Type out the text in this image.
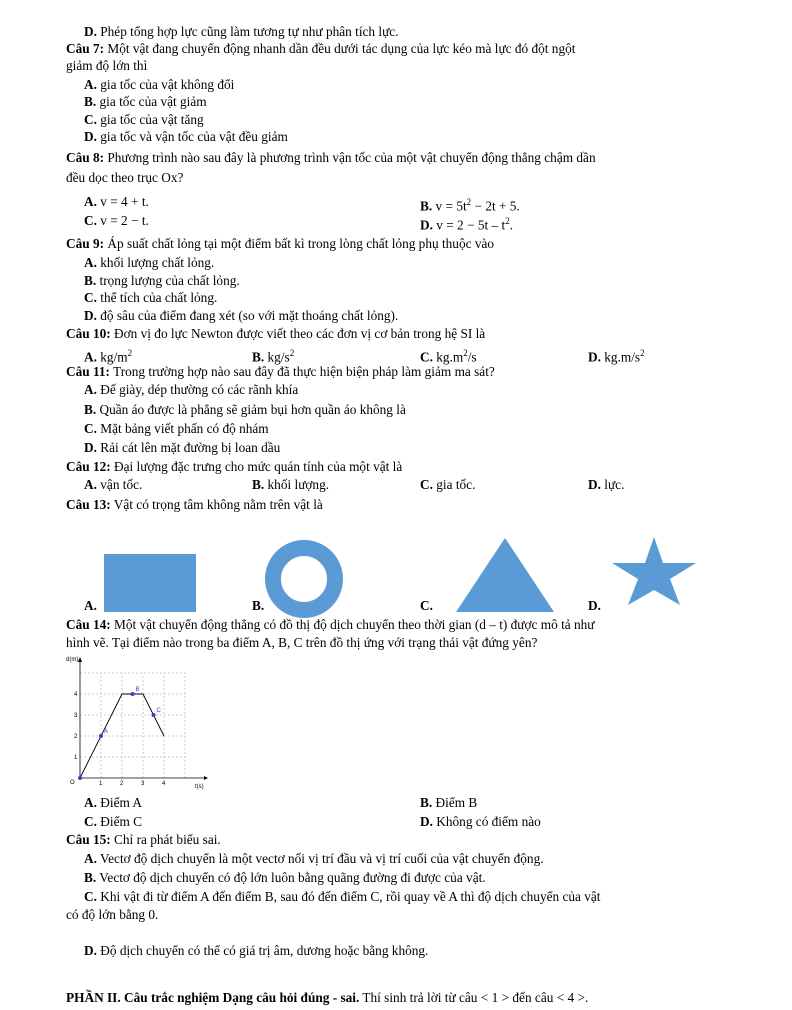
D. Phép tổng hợp lực cũng làm tương tự như phân tích lực.
Câu 7: Một vật đang chuyển động nhanh dần đều dưới tác dụng của lực kéo mà lực đó đột ngột
giảm độ lớn thì
A. gia tốc của vật không đổi
B. gia tốc của vật giảm
C. gia tốc của vật tăng
D. gia tốc và vận tốc của vật đều giảm
Câu 8: Phương trình nào sau đây là phương trình vận tốc của một vật chuyển động thẳng chậm dần
đều dọc theo trục Ox?
A. v = 4 + t.	B. $v = 5t^2 - 2t + 5$.
C. v = 2 − t.	D. $v = 2 - 5t - t^2$.
Câu 9: Áp suất chất lỏng tại một điểm bất kì trong lòng chất lỏng phụ thuộc vào
A. khối lượng chất lỏng.
B. trọng lượng của chất lỏng.
C. thể tích của chất lỏng.
D. độ sâu của điểm đang xét (so với mặt thoáng chất lỏng).
Câu 10: Đơn vị đo lực Newton được viết theo các đơn vị cơ bản trong hệ SI là
A. $kg/m^2$	B. $kg/s^2$	C. $kg.m^2/s$	D. $kg.m/s^2$
Câu 11: Trong trường hợp nào sau đây đã thực hiện biện pháp làm giảm ma sát?
A. Đế giày, dép thường có các rãnh khía
B. Quần áo được là phẳng sẽ giảm bụi hơn quần áo không là
C. Mặt bảng viết phấn có độ nhám
D. Rải cát lên mặt đường bị loan dầu
Câu 12: Đại lượng đặc trưng cho mức quán tính của một vật là
A. vận tốc.	B. khối lượng.	C. gia tốc.	D. lực.
Câu 13: Vật có trọng tâm không nằm trên vật là
A.	B.	C.	D.
Câu 14: Một vật chuyển động thẳng có đồ thị độ dịch chuyển theo thời gian (d – t) được mô tả như
hình vẽ. Tại điểm nào trong ba điểm A, B, C trên đồ thị ứng với trạng thái vật đứng yên?
d(m)
t(s)
O	1	2	3	4
1
2
3
4
A
B
C
A. Điểm A	B. Điểm B
C. Điểm C	D. Không có điểm nào
Câu 15: Chỉ ra phát biểu sai.
A. Vectơ độ dịch chuyển là một vectơ nối vị trí đầu và vị trí cuối của vật chuyển động.
B. Vectơ độ dịch chuyển có độ lớn luôn bằng quãng đường đi được của vật.
C. Khi vật đi từ điểm A đến điểm B, sau đó đến điểm C, rồi quay về A thì độ dịch chuyển của vật
có độ lớn bằng 0.
D. Độ dịch chuyển có thể có giá trị âm, dương hoặc bằng không.
PHẦN II. Câu trắc nghiệm Dạng câu hỏi đúng - sai. Thí sinh trả lời từ câu < 1 > đến câu < 4 >.
